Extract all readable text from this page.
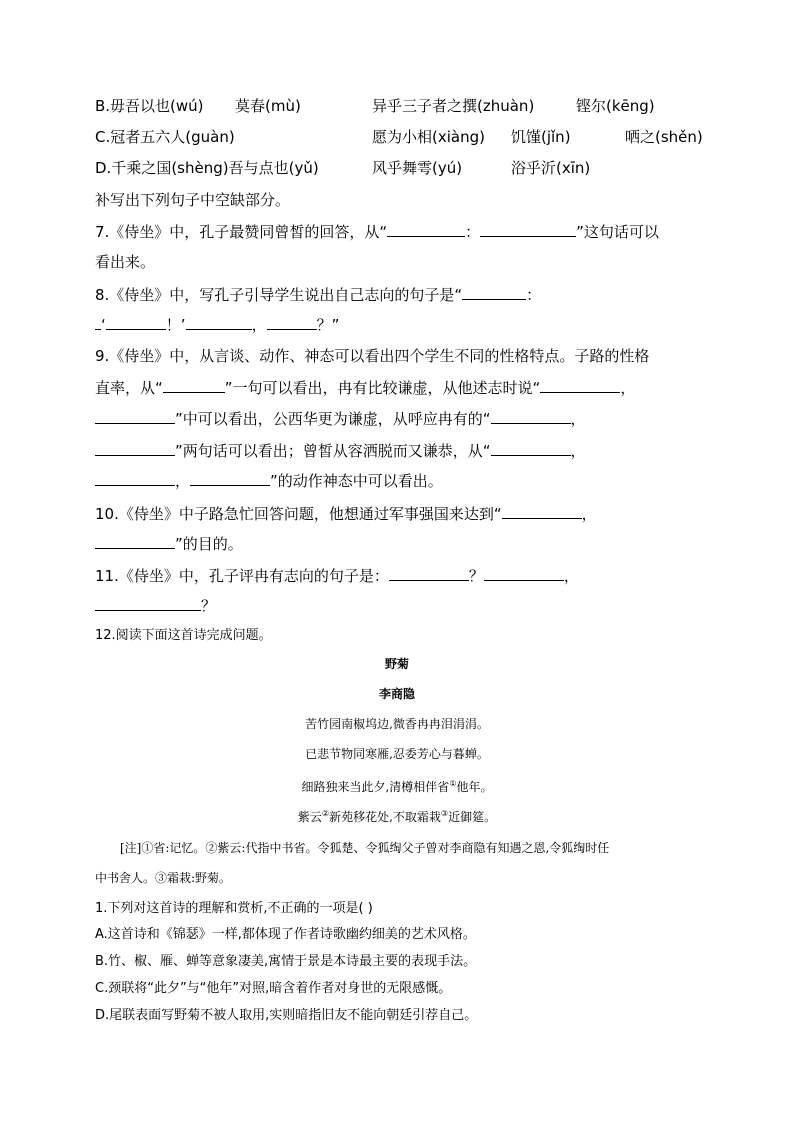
B.毋吾以也(wú) 莫春(mù)	异乎三子者之撰(zhuàn)	铿尔(kēng)
C.冠者五六人(guàn)	愿为小相(xiàng) 饥馑(jǐn)	哂之(shěn)
D.千乘之国(shèng)吾与点也(yǔ)	风乎舞雩(yú)	浴乎沂(xīn)
补写出下列句子中空缺部分。
7.《侍坐》中，孔子最赞同曾皙的回答，从“	：	”这句话可以
看出来。
8.《侍坐》中，写孔子引导学生说出自己志向的句子是“	：
‘	！’	，	？”
9.《侍坐》中，从言谈、动作、神态可以看出四个学生不同的性格特点。子路的性格
直率，从“	”一句可以看出，冉有比较谦虚，从他述志时说“	，
”中可以看出，公西华更为谦虚，从呼应冉有的“	，
”两句话可以看出；曾皙从容洒脱而又谦恭，从“	，
，	”的动作神态中可以看出。
10.《侍坐》中子路急忙回答问题，他想通过军事强国来达到“	，
”的目的。
11.《侍坐》中，孔子评冉有志向的句子是：	？	，
？
12.阅读下面这首诗完成问题。
野菊
李商隐
苦竹园南椒坞边,微香冉冉泪涓涓。
已悲节物同寒雁,忍委芳心与暮蝉。
细路独来当此夕,清樽相伴省①他年。
紫云②新苑移花处,不取霜栽③近御筵。
[注]①省:记忆。②紫云:代指中书省。令狐楚、令狐绹父子曾对李商隐有知遇之恩,令狐绹时任
中书舍人。③霜栽:野菊。
1.下列对这首诗的理解和赏析,不正确的一项是( )
A.这首诗和《锦瑟》一样,都体现了作者诗歌幽约细美的艺术风格。
B.竹、椒、雁、蝉等意象凄美,寓情于景是本诗最主要的表现手法。
C.颈联将“此夕”与“他年”对照,暗含着作者对身世的无限感慨。
D.尾联表面写野菊不被人取用,实则暗指旧友不能向朝廷引荐自己。
